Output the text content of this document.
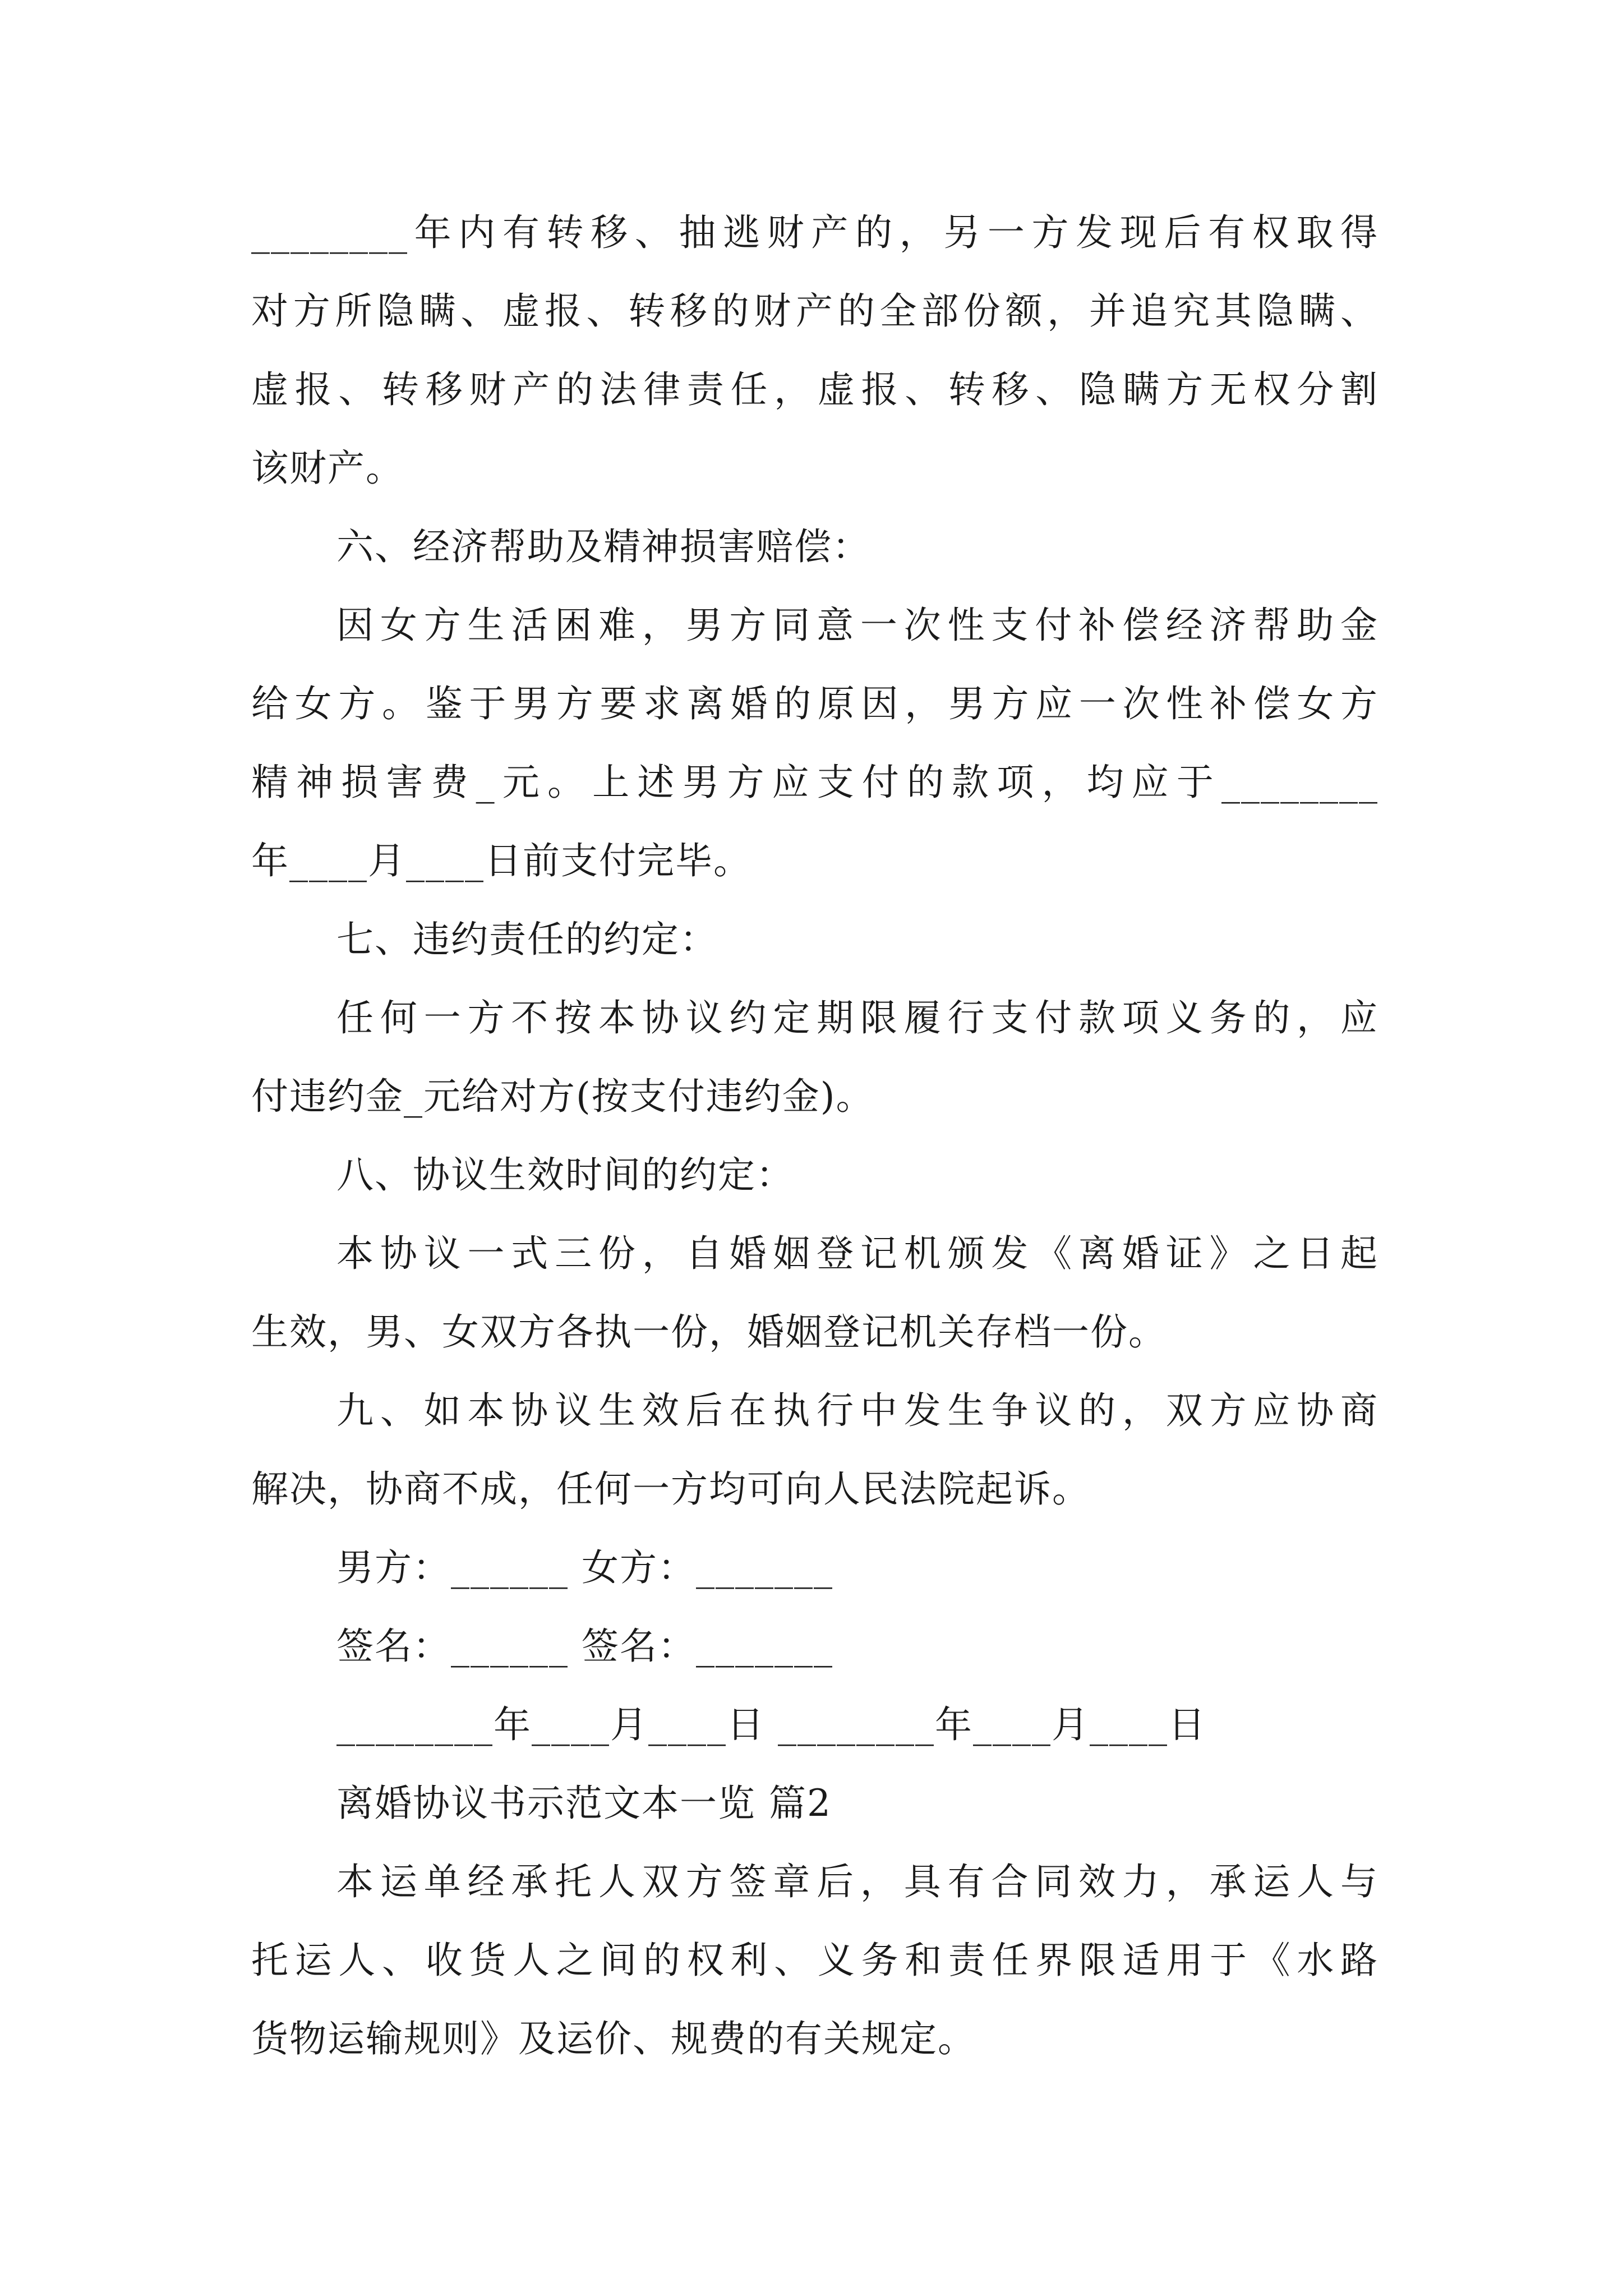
________年内有转移、抽逃财产的，另一方发现后有权取得
对方所隐瞒、虚报、转移的财产的全部份额，并追究其隐瞒、
虚报、转移财产的法律责任，虚报、转移、隐瞒方无权分割
该财产。
六、经济帮助及精神损害赔偿：
因女方生活困难，男方同意一次性支付补偿经济帮助金
给女方。鉴于男方要求离婚的原因，男方应一次性补偿女方
精神损害费_元。上述男方应支付的款项，均应于________
年____月____日前支付完毕。
七、违约责任的约定：
任何一方不按本协议约定期限履行支付款项义务的，应
付违约金_元给对方(按支付违约金)。
八、协议生效时间的约定：
本协议一式三份，自婚姻登记机颁发《离婚证》之日起
生效，男、女双方各执一份，婚姻登记机关存档一份。
九、如本协议生效后在执行中发生争议的，双方应协商
解决，协商不成，任何一方均可向人民法院起诉。
男方：______ 女方：_______
签名：______ 签名：_______
________年____月____日 ________年____月____日
离婚协议书示范文本一览 篇2
本运单经承托人双方签章后，具有合同效力，承运人与
托运人、收货人之间的权利、义务和责任界限适用于《水路
货物运输规则》及运价、规费的有关规定。
